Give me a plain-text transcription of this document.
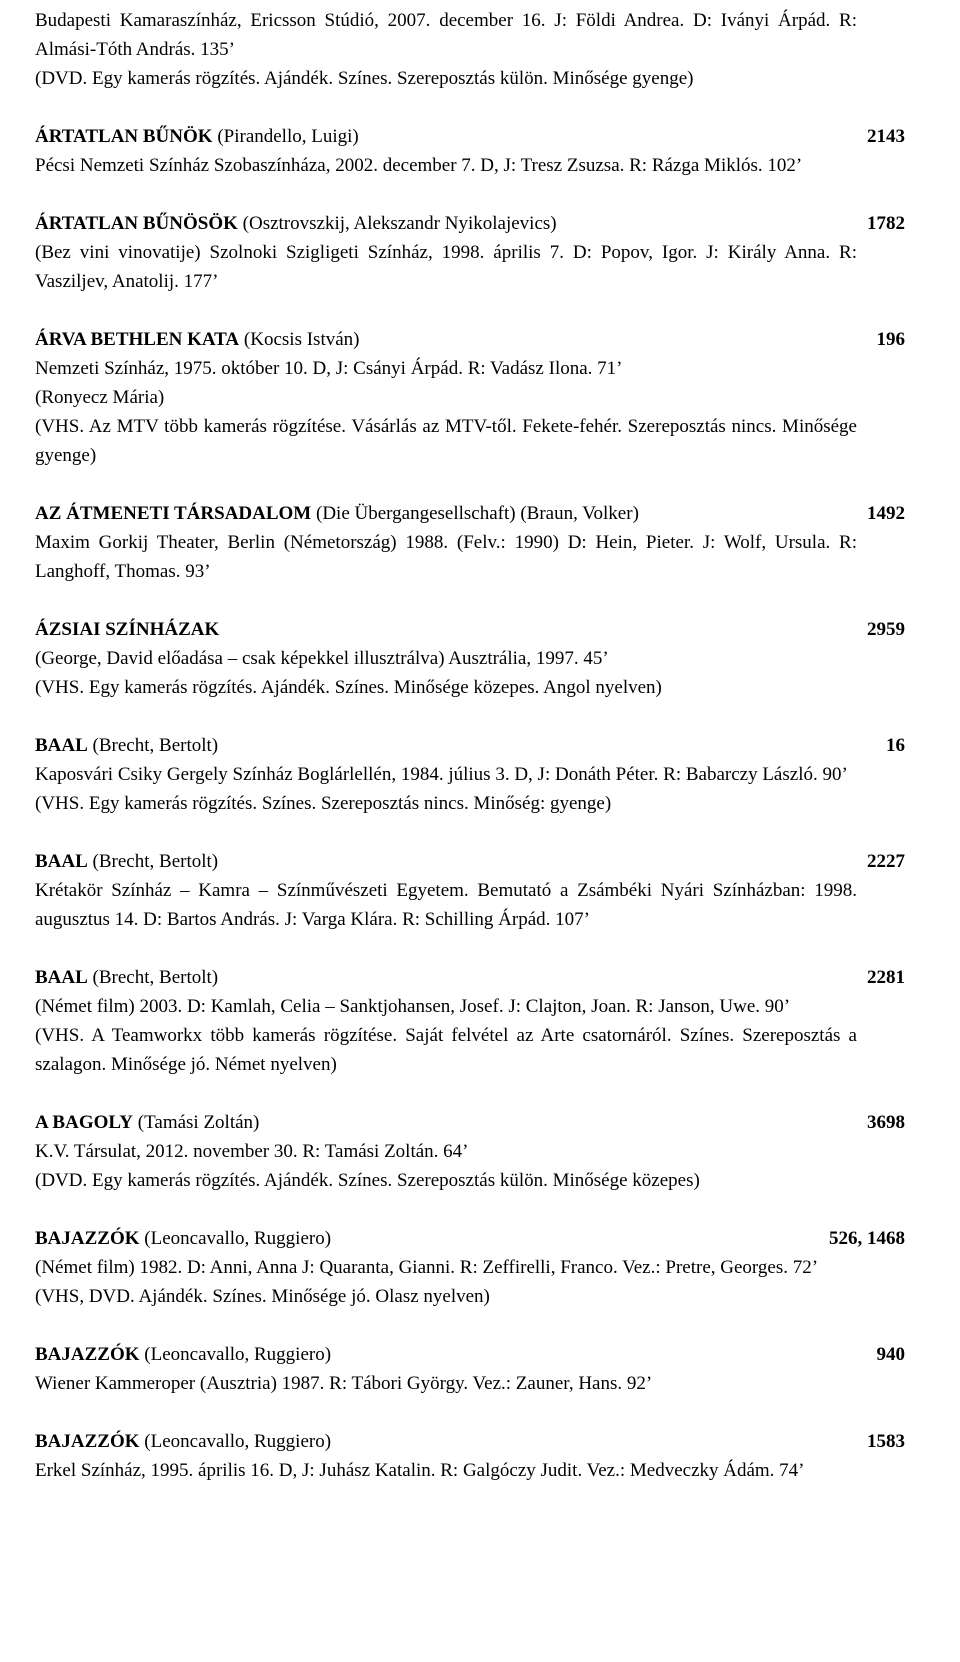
Budapesti Kamaraszínház, Ericsson Stúdió, 2007. december 16. J: Földi Andrea. D: Iványi Árpád. R: Almási-Tóth András. 135’

(DVD. Egy kamerás rögzítés. Ajándék. Színes. Szereposztás külön. Minősége gyenge)

ÁRTATLAN BŰNÖK (Pirandello, Luigi)	2143

Pécsi Nemzeti Színház Szobaszínháza, 2002. december 7. D, J: Tresz Zsuzsa. R: Rázga Miklós. 102’

ÁRTATLAN BŰNÖSÖK (Osztrovszkij, Alekszandr Nyikolajevics)	1782

(Bez vini vinovatije) Szolnoki Szigligeti Színház, 1998. április 7. D: Popov, Igor. J: Király Anna. R: Vasziljev, Anatolij. 177’

ÁRVA BETHLEN KATA (Kocsis István)	196

Nemzeti Színház, 1975. október 10. D, J: Csányi Árpád. R: Vadász Ilona. 71’

(Ronyecz Mária)

(VHS. Az MTV több kamerás rögzítése. Vásárlás az MTV-től. Fekete-fehér. Szereposztás nincs. Minősége gyenge)

AZ ÁTMENETI TÁRSADALOM (Die Übergangesellschaft) (Braun, Volker)	1492

Maxim Gorkij Theater, Berlin (Németország) 1988. (Felv.: 1990) D: Hein, Pieter. J: Wolf, Ursula. R: Langhoff, Thomas. 93’

ÁZSIAI SZÍNHÁZAK	2959

(George, David előadása – csak képekkel illusztrálva) Ausztrália, 1997. 45’

(VHS. Egy kamerás rögzítés. Ajándék. Színes. Minősége közepes. Angol nyelven)

BAAL (Brecht, Bertolt)	16

Kaposvári Csiky Gergely Színház Boglárlellén, 1984. július 3. D, J: Donáth Péter. R: Babarczy László. 90’

(VHS. Egy kamerás rögzítés. Színes. Szereposztás nincs. Minőség: gyenge)

BAAL (Brecht, Bertolt)	2227

Krétakör Színház – Kamra – Színművészeti Egyetem. Bemutató a Zsámbéki Nyári Színházban: 1998. augusztus 14. D: Bartos András. J: Varga Klára. R: Schilling Árpád. 107’

BAAL (Brecht, Bertolt)	2281

(Német film) 2003. D: Kamlah, Celia – Sanktjohansen, Josef. J: Clajton, Joan. R: Janson, Uwe. 90’

(VHS. A Teamworkx több kamerás rögzítése. Saját felvétel az Arte csatornáról. Színes. Szereposztás a szalagon. Minősége jó. Német nyelven)

A BAGOLY (Tamási Zoltán)	3698

K.V. Társulat, 2012. november 30. R: Tamási Zoltán. 64’

(DVD. Egy kamerás rögzítés. Ajándék. Színes. Szereposztás külön. Minősége közepes)

BAJAZZÓK (Leoncavallo, Ruggiero)	526, 1468

(Német film) 1982. D: Anni, Anna J: Quaranta, Gianni. R: Zeffirelli, Franco. Vez.: Pretre, Georges. 72’

(VHS, DVD. Ajándék. Színes. Minősége jó. Olasz nyelven)

BAJAZZÓK (Leoncavallo, Ruggiero)	940

Wiener Kammeroper (Ausztria) 1987. R: Tábori György. Vez.: Zauner, Hans. 92’

BAJAZZÓK (Leoncavallo, Ruggiero)	1583

Erkel Színház, 1995. április 16. D, J: Juhász Katalin. R: Galgóczy Judit. Vez.: Medveczky Ádám. 74’
